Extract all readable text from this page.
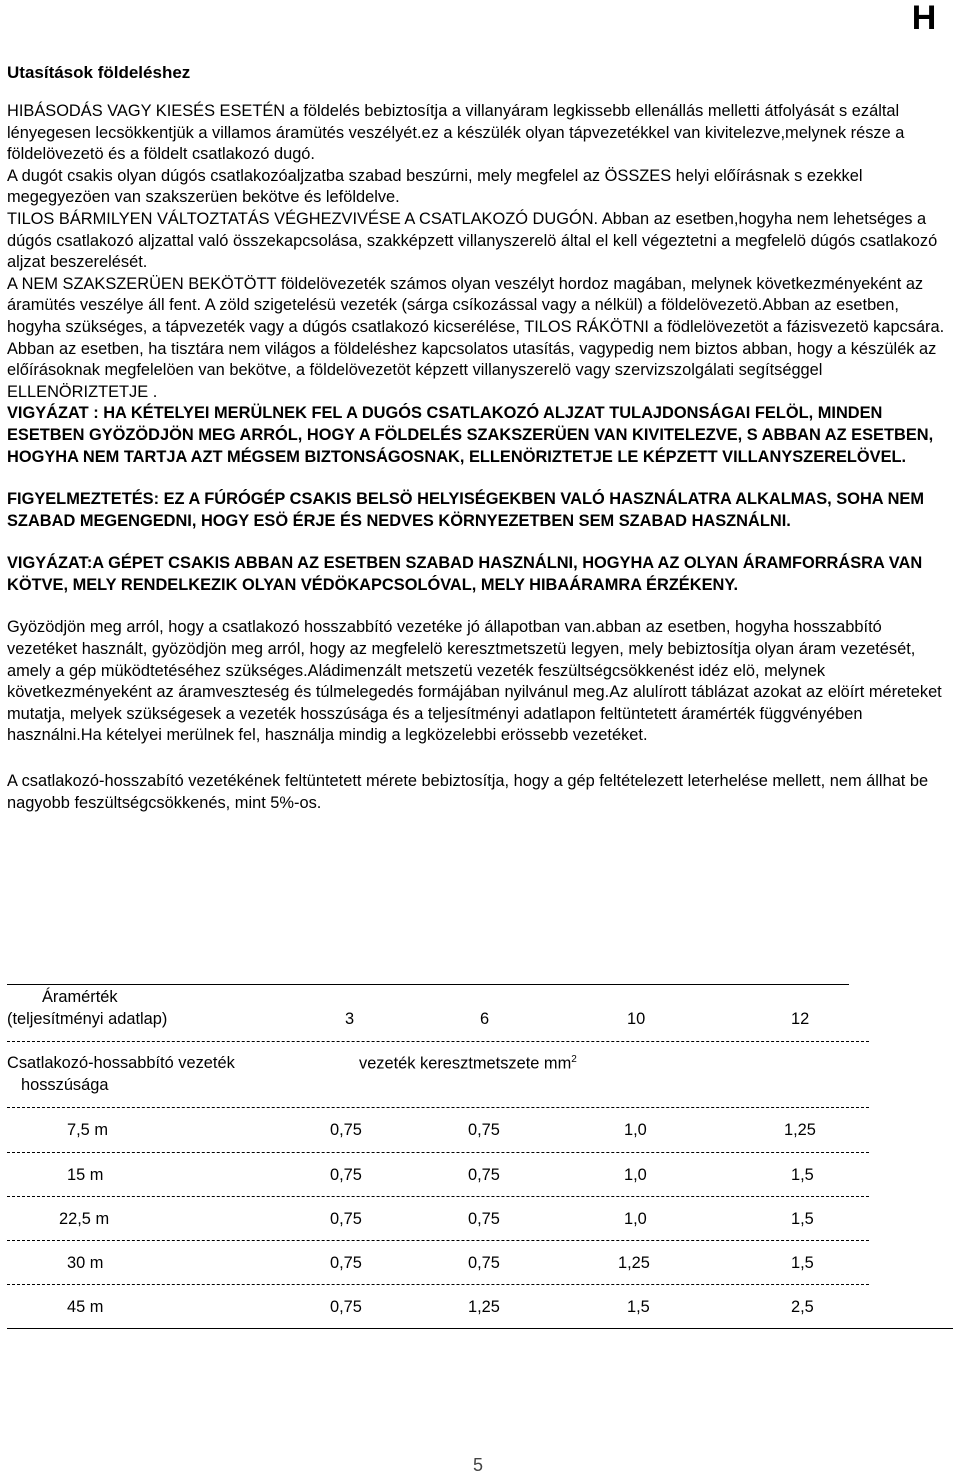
H
Utasítások földeléshez

HIBÁSODÁS VAGY KIESÉS ESETÉN a földelés bebiztosítja a villanyáram legkissebb ellenállás melletti átfolyását s ezáltal lényegesen lecsökkentjük a villamos áramütés veszélyét.ez a készülék olyan tápvezetékkel van kivitelezve,melynek része a földelövezetö és a földelt csatlakozó dugó.

A dugót csakis olyan dúgós csatlakozóaljzatba szabad beszúrni, mely megfelel az ÖSSZES helyi előírásnak s ezekkel megegyezöen van szakszerüen bekötve és leföldelve.

TILOS BÁRMILYEN VÁLTOZTATÁS VÉGHEZVIVÉSE A CSATLAKOZÓ DUGÓN. Abban az esetben,hogyha nem lehetséges a dúgós csatlakozó aljzattal való összekapcsolása, szakképzett villanyszerelö által el kell végeztetni a megfelelö dúgós csatlakozó aljzat beszerelését.

A NEM SZAKSZERÜEN BEKÖTÖTT földelövezeték számos olyan veszélyt hordoz magában, melynek következményeként az áramütés veszélye áll fent. A zöld szigetelésü vezeték (sárga csíkozással vagy a nélkül) a földelövezetö.Abban az esetben, hogyha szükséges, a tápvezeték vagy a dúgós csatlakozó kicserélése, TILOS RÁKÖTNI a födlelövezetöt a fázisvezetö kapcsára. Abban az esetben, ha tisztára nem világos a földeléshez kapcsolatos utasítás, vagypedig nem biztos abban, hogy a készülék az előírásoknak megfelelöen van bekötve, a földelövezetöt képzett villanyszerelö vagy szervizszolgálati segítséggel ELLENÖRIZTETJE .

VIGYÁZAT : HA KÉTELYEI MERÜLNEK FEL A DUGÓS CSATLAKOZÓ ALJZAT TULAJDONSÁGAI FELÖL, MINDEN ESETBEN GYÖZÖDJÖN MEG ARRÓL, HOGY A FÖLDELÉS SZAKSZERÜEN VAN KIVITELEZVE, S ABBAN AZ ESETBEN, HOGYHA NEM TARTJA AZT MÉGSEM BIZTONSÁGOSNAK, ELLENÖRIZTETJE LE KÉPZETT VILLANYSZERELÖVEL.

FIGYELMEZTETÉS: EZ A FÚRÓGÉP CSAKIS BELSÖ HELYISÉGEKBEN VALÓ HASZNÁLATRA ALKALMAS, SOHA NEM SZABAD MEGENGEDNI, HOGY ESÖ ÉRJE ÉS NEDVES KÖRNYEZETBEN SEM SZABAD HASZNÁLNI.

VIGYÁZAT:A GÉPET CSAKIS ABBAN AZ ESETBEN SZABAD HASZNÁLNI, HOGYHA AZ OLYAN ÁRAMFORRÁSRA VAN KÖTVE, MELY RENDELKEZIK OLYAN VÉDÖKAPCSOLÓVAL, MELY HIBAÁRAMRA ÉRZÉKENY.

Gyözödjön meg arról, hogy a csatlakozó hosszabbító vezetéke jó állapotban van.abban az esetben, hogyha hosszabbító vezetéket használt, gyözödjön meg arról, hogy az megfelelö keresztmetszetü legyen, mely bebiztosítja olyan áram vezetését, amely a gép müködtetéséhez szükséges.Aládimenzált metszetü vezeték feszültségcsökkenést idéz elö, melynek következményeként az áramveszteség és túlmelegedés formájában nyilvánul meg.Az alulírott táblázat azokat az elöírt méreteket mutatja, melyek szükségesek a vezeték hosszúsága és a teljesítményi adatlapon feltüntetett áramérték függvényében használni.Ha kételyei merülnek fel, használja mindig a legközelebbi erössebb vezetéket.

A csatlakozó-hosszabító vezetékének feltüntetett mérete bebiztosítja, hogy a gép feltételezett leterhelése mellett, nem állhat be nagyobb feszültségcsökkenés, mint 5%-os.

Áramérték
(teljesítményi adatlap)	3	6	10	12
Csatlakozó-hossabbító vezeték
hosszúsága
vezeték keresztmetszete $mm^2$
7,5 m	0,75	0,75	1,0	1,25
15 m	0,75	0,75	1,0	1,5
22,5 m	0,75	0,75	1,0	1,5
30 m	0,75	0,75	1,25	1,5
45 m	0,75	1,25	1,5	2,5
5
